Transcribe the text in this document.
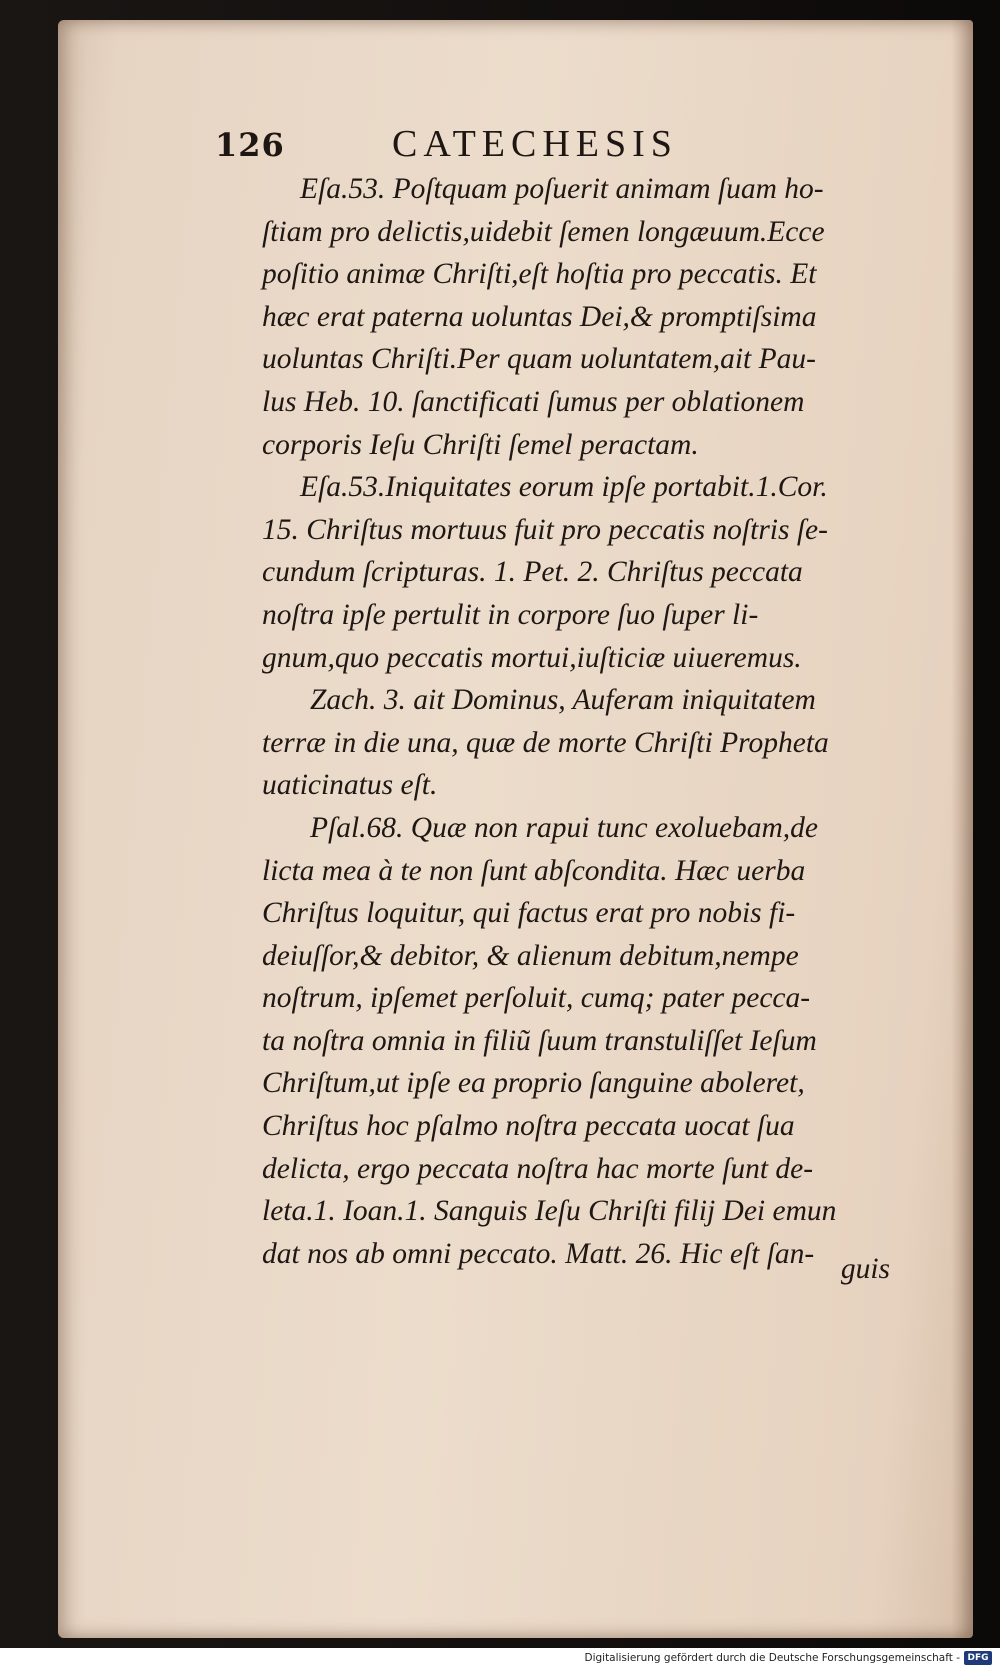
126	CATECHESIS
Eſa.53. Poſtquam poſuerit animam ſuam ho-
ſtiam pro delictis,uidebit ſemen longæuum.Ecce
poſitio animæ Chriſti,eſt hoſtia pro peccatis. Et
hæc erat paterna uoluntas Dei,& promptiſsima
uoluntas Chriſti.Per quam uoluntatem,ait Pau-
lus Heb. 10. ſanctificati ſumus per oblationem
corporis Ieſu Chriſti ſemel peractam.
Eſa.53.Iniquitates eorum ipſe portabit.1.Cor.
15. Chriſtus mortuus fuit pro peccatis noſtris ſe-
cundum ſcripturas. 1. Pet. 2. Chriſtus peccata
noſtra ipſe pertulit in corpore ſuo ſuper li-
gnum,quo peccatis mortui,iuſticiæ uiueremus.
Zach. 3. ait Dominus, Auferam iniquitatem
terræ in die una, quæ de morte Chriſti Propheta
uaticinatus eſt.
Pſal.68. Quæ non rapui tunc exoluebam,de
licta mea à te non ſunt abſcondita. Hæc uerba
Chriſtus loquitur, qui factus erat pro nobis fi-
deiuſſor,& debitor, & alienum debitum,nempe
noſtrum, ipſemet perſoluit, cumq; pater pecca-
ta noſtra omnia in filiũ ſuum transtuliſſet Ieſum
Chriſtum,ut ipſe ea proprio ſanguine aboleret,
Chriſtus hoc pſalmo noſtra peccata uocat ſua
delicta, ergo peccata noſtra hac morte ſunt de-
leta.1. Ioan.1. Sanguis Ieſu Chriſti filij Dei emun
dat nos ab omni peccato. Matt. 26. Hic eſt ſan- guis
Digitalisierung gefördert durch die Deutsche Forschungsgemeinschaft - DFG
